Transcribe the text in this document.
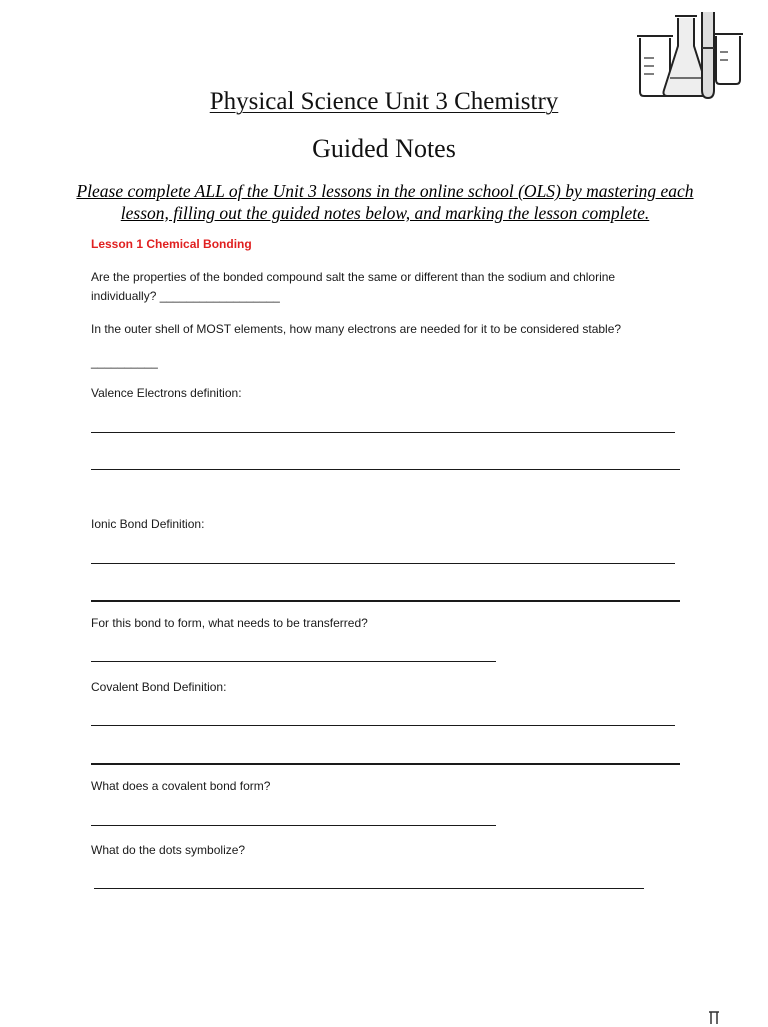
Physical Science Unit 3 Chemistry
Guided Notes
Please complete ALL of the Unit 3 lessons in the online school (OLS) by mastering each lesson, filling out the guided notes below, and marking the lesson complete.
Lesson 1 Chemical Bonding
Are the properties of the bonded compound salt the same or different than the sodium and chlorine
individually? __________________
In the outer shell of MOST elements, how many electrons are needed for it to be considered stable?
__________
Valence Electrons definition:
Ionic Bond Definition:
For this bond to form, what needs to be transferred?
Covalent Bond Definition:
What does a covalent bond form?
What do the dots symbolize?
